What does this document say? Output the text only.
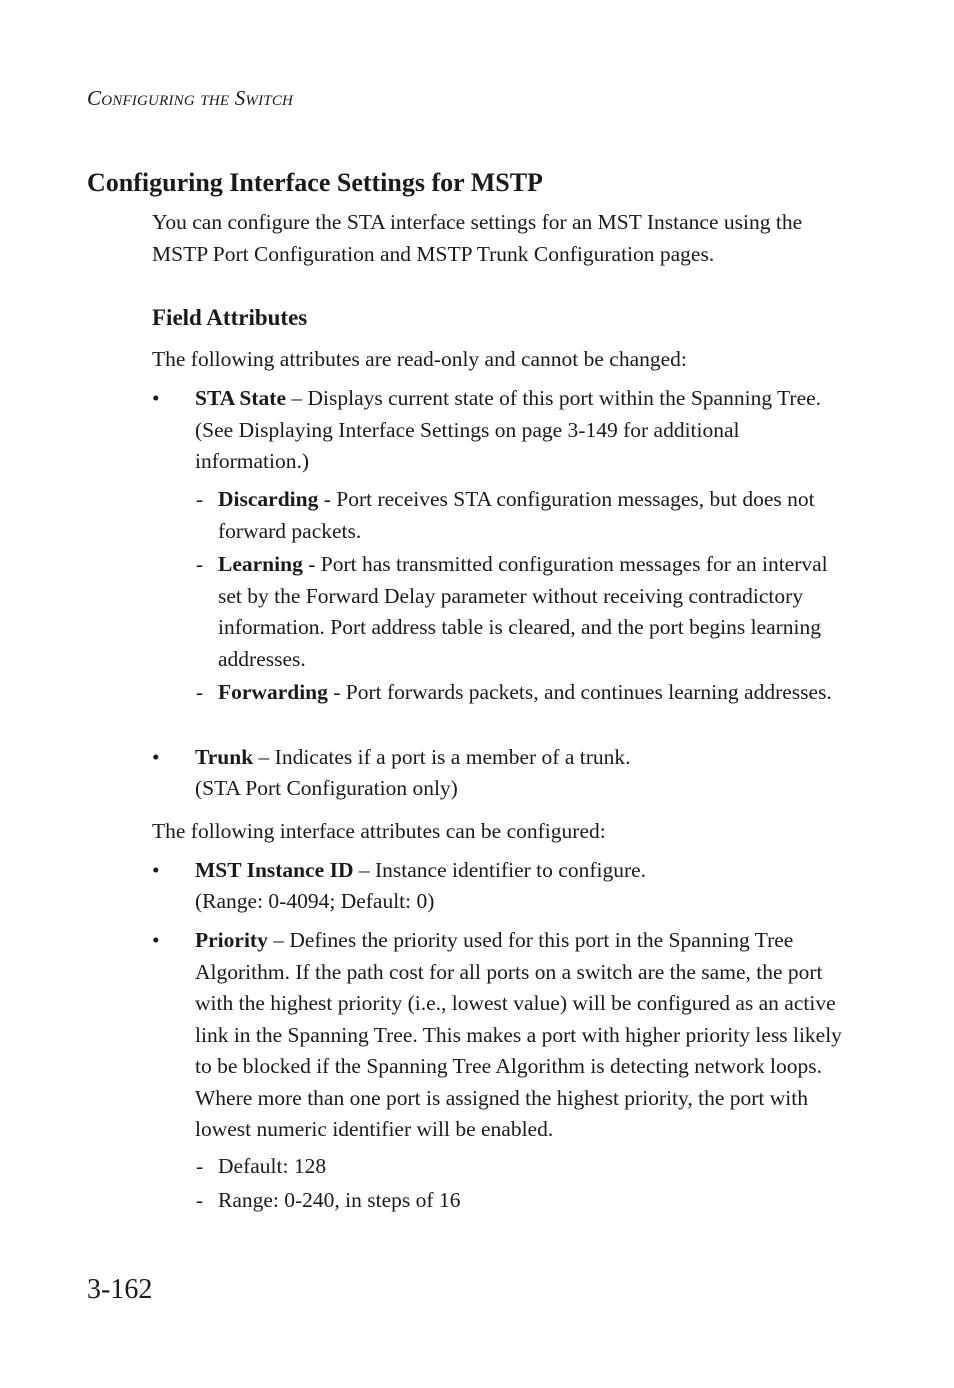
Configuring the Switch
Configuring Interface Settings for MSTP
You can configure the STA interface settings for an MST Instance using the MSTP Port Configuration and MSTP Trunk Configuration pages.
Field Attributes
The following attributes are read-only and cannot be changed:
• STA State – Displays current state of this port within the Spanning Tree. (See Displaying Interface Settings on page 3-149 for additional information.)
- Discarding - Port receives STA configuration messages, but does not forward packets.
- Learning - Port has transmitted configuration messages for an interval set by the Forward Delay parameter without receiving contradictory information. Port address table is cleared, and the port begins learning addresses.
- Forwarding - Port forwards packets, and continues learning addresses.
• Trunk – Indicates if a port is a member of a trunk.
(STA Port Configuration only)
The following interface attributes can be configured:
• MST Instance ID – Instance identifier to configure.
(Range: 0-4094; Default: 0)
• Priority – Defines the priority used for this port in the Spanning Tree Algorithm. If the path cost for all ports on a switch are the same, the port with the highest priority (i.e., lowest value) will be configured as an active link in the Spanning Tree. This makes a port with higher priority less likely to be blocked if the Spanning Tree Algorithm is detecting network loops. Where more than one port is assigned the highest priority, the port with lowest numeric identifier will be enabled.
- Default: 128
- Range: 0-240, in steps of 16
3-162
